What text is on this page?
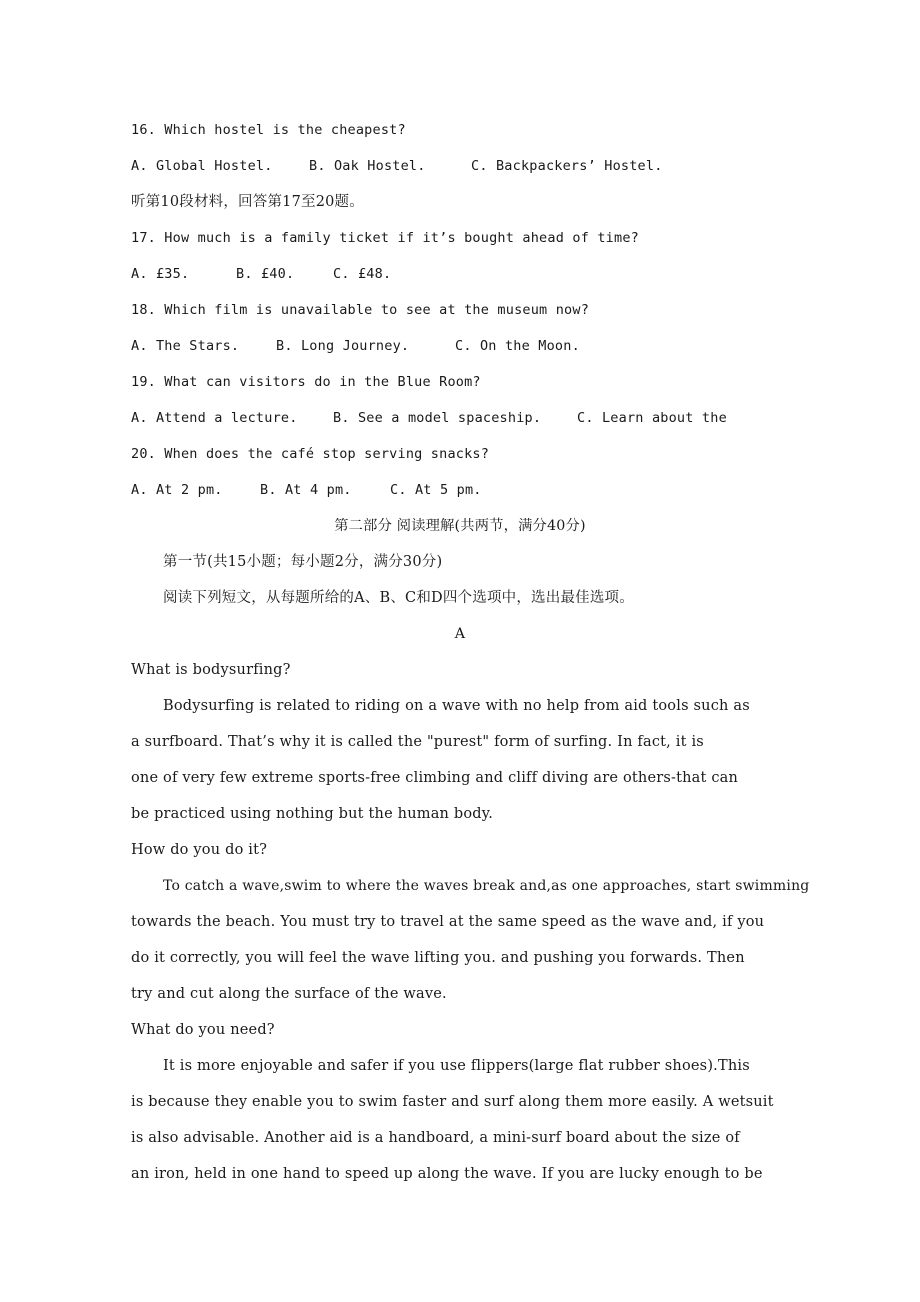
16. Which hostel is the cheapest?
A. Global Hostel.	B. Oak Hostel.	C. Backpackers’ Hostel.
听第10段材料，回答第17至20题。
17. How much is a family ticket if it’s bought ahead of time?
A. £35.	B. £40.	C. £48.
18. Which film is unavailable to see at the museum now?
A. The Stars.	B. Long Journey.	C. On the Moon.
19. What can visitors do in the Blue Room?
A. Attend a lecture.	B. See a model spaceship.	C. Learn about the
20. When does the café stop serving snacks?
A. At 2 pm.	B. At 4 pm.	C. At 5 pm.
第二部分 阅读理解(共两节，满分40分)
第一节(共15小题；每小题2分，满分30分)
阅读下列短文，从每题所给的A、B、C和D四个选项中，选出最佳选项。
A
What is bodysurfing?
Bodysurfing is related to riding on a wave with no help from aid tools such as
a surfboard. That’s why it is called the "purest" form of surfing. In fact, it is
one of very few extreme sports-free climbing and cliff diving are others-that can
be practiced using nothing but the human body.
How do you do it?
To catch a wave,swim to where the waves break and,as one approaches, start swimming
towards the beach. You must try to travel at the same speed as the wave and, if you
do it correctly, you will feel the wave lifting you. and pushing you forwards. Then
try and cut along the surface of the wave.
What do you need?
It is more enjoyable and safer if you use flippers(large flat rubber shoes).This
is because they enable you to swim faster and surf along them more easily. A wetsuit
is also advisable. Another aid is a handboard, a mini-surf board about the size of
an iron, held in one hand to speed up along the wave. If you are lucky enough to be
